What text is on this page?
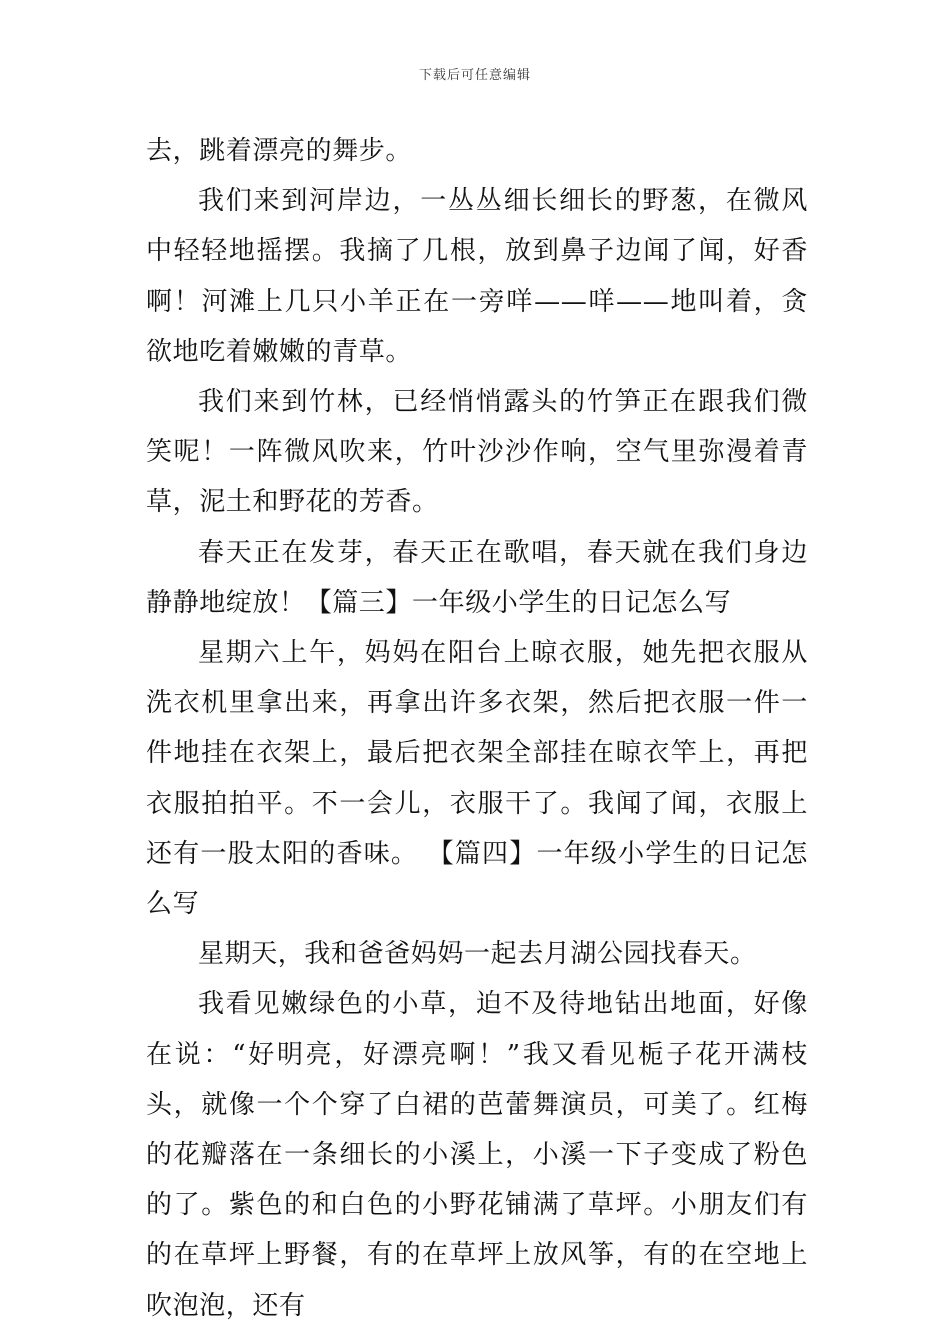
下载后可任意编辑

去，跳着漂亮的舞步。

我们来到河岸边，一丛丛细长细长的野葱，在微风中轻轻地摇摆。我摘了几根，放到鼻子边闻了闻，好香啊！河滩上几只小羊正在一旁咩——咩——地叫着，贪欲地吃着嫩嫩的青草。

我们来到竹林，已经悄悄露头的竹笋正在跟我们微笑呢！一阵微风吹来，竹叶沙沙作响，空气里弥漫着青草，泥土和野花的芳香。

春天正在发芽，春天正在歌唱，春天就在我们身边静静地绽放！【篇三】一年级小学生的日记怎么写

星期六上午，妈妈在阳台上晾衣服，她先把衣服从洗衣机里拿出来，再拿出许多衣架，然后把衣服一件一件地挂在衣架上，最后把衣架全部挂在晾衣竿上，再把衣服拍拍平。不一会儿，衣服干了。我闻了闻，衣服上还有一股太阳的香味。 【篇四】一年级小学生的日记怎么写

星期天，我和爸爸妈妈一起去月湖公园找春天。

我看见嫩绿色的小草，迫不及待地钻出地面，好像在说：“好明亮，好漂亮啊！”我又看见栀子花开满枝头，就像一个个穿了白裙的芭蕾舞演员，可美了。红梅的花瓣落在一条细长的小溪上，小溪一下子变成了粉色的了。紫色的和白色的小野花铺满了草坪。小朋友们有的在草坪上野餐，有的在草坪上放风筝，有的在空地上吹泡泡，还有
